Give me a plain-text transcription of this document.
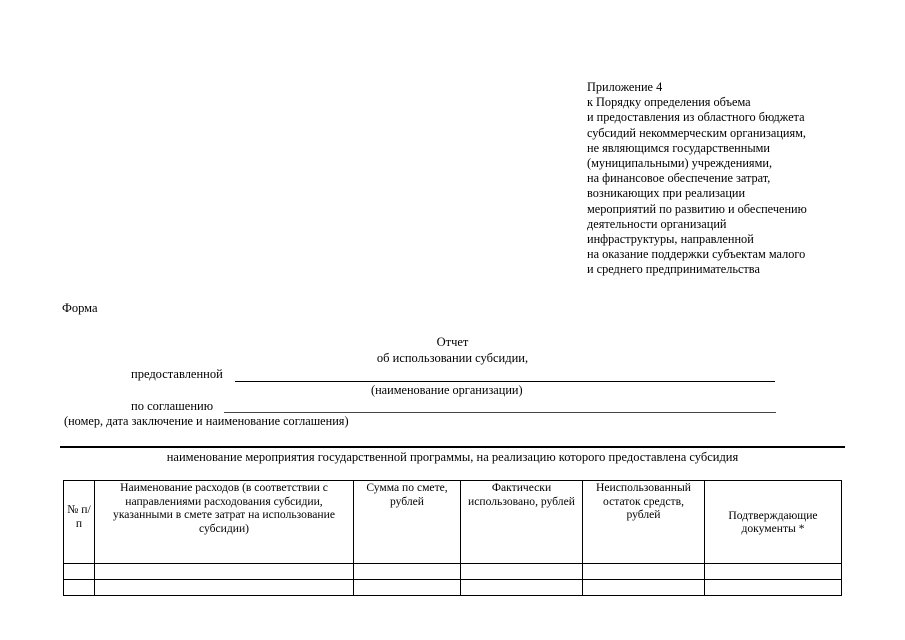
Приложение 4
к Порядку определения объема
и предоставления из областного бюджета
субсидий некоммерческим организациям,
не являющимся государственными
(муниципальными) учреждениями,
на финансовое обеспечение затрат,
возникающих при реализации
мероприятий по развитию и обеспечению
деятельности организаций
инфраструктуры, направленной
на оказание поддержки субъектам малого
и среднего предпринимательства
Форма
Отчет
об использовании субсидии,
предоставленной
(наименование организации)
по соглашению
(номер, дата заключение и наименование соглашения)
наименование мероприятия государственной программы, на реализацию которого предоставлена субсидия
№ п/п	Наименование расходов (в соответствии с направлениями расходования субсидии, указанными в смете затрат на использование субсидии)	Сумма по смете, рублей	Фактически использовано, рублей	Неиспользованный остаток средств, рублей	Подтверждающие документы *
